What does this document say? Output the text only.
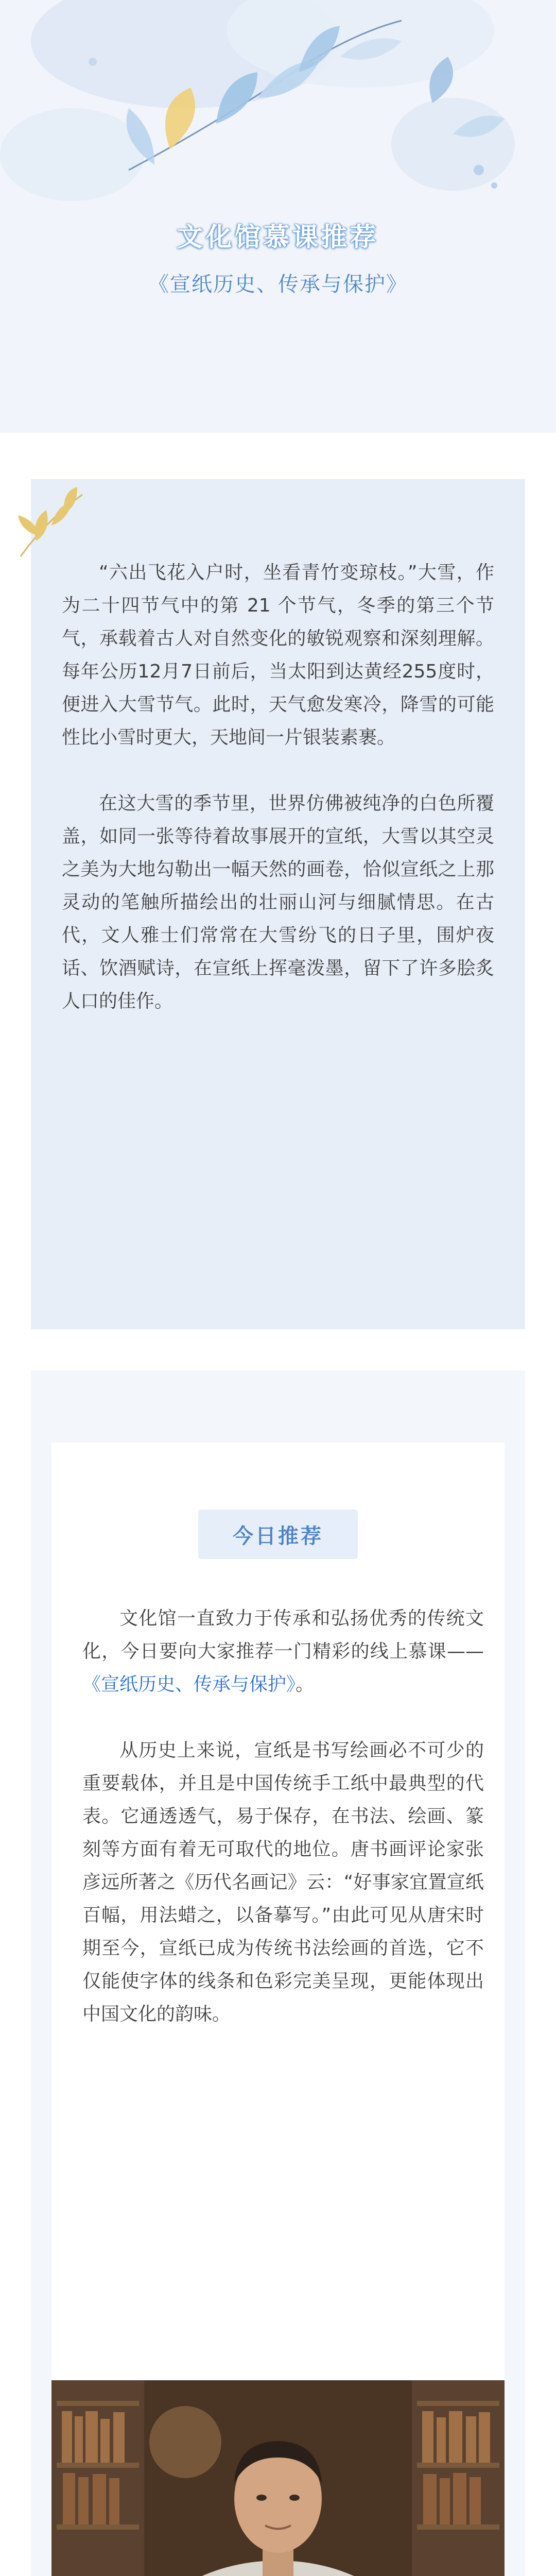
文化馆慕课推荐
《宣纸历史、传承与保护》

“六出飞花入户时，坐看青竹变琼枝。”大雪，作为二十四节气中的第 21 个节气，冬季的第三个节气，承载着古人对自然变化的敏锐观察和深刻理解。每年公历12月7日前后，当太阳到达黄经255度时，便进入大雪节气。此时，天气愈发寒冷，降雪的可能性比小雪时更大，天地间一片银装素裹。

在这大雪的季节里，世界仿佛被纯净的白色所覆盖，如同一张等待着故事展开的宣纸，大雪以其空灵之美为大地勾勒出一幅天然的画卷，恰似宣纸之上那灵动的笔触所描绘出的壮丽山河与细腻情思。在古代，文人雅士们常常在大雪纷飞的日子里，围炉夜话、饮酒赋诗，在宣纸上挥毫泼墨，留下了许多脍炙人口的佳作。

今日推荐

文化馆一直致力于传承和弘扬优秀的传统文化，今日要向大家推荐一门精彩的线上慕课——《宣纸历史、传承与保护》。

从历史上来说，宣纸是书写绘画必不可少的重要载体，并且是中国传统手工纸中最典型的代表。它通透透气，易于保存，在书法、绘画、篆刻等方面有着无可取代的地位。唐书画评论家张彦远所著之《历代名画记》云：“好事家宜置宣纸百幅，用法蜡之，以备摹写。”由此可见从唐宋时期至今，宣纸已成为传统书法绘画的首选，它不仅能使字体的线条和色彩完美呈现，更能体现出中国文化的韵味。
